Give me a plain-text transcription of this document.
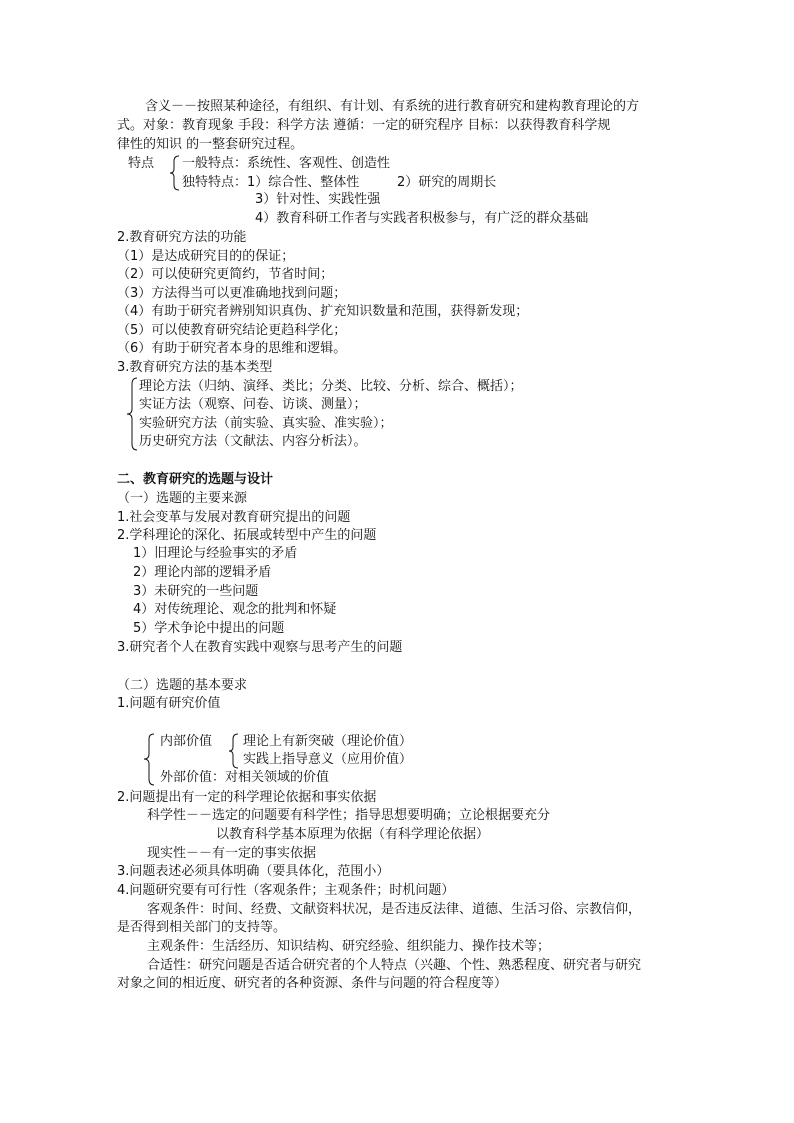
含义－－按照某种途径，有组织、有计划、有系统的进行教育研究和建构教育理论的方
式。对象：教育现象 手段：科学方法 遵循：一定的研究程序 目标：以获得教育科学规
律性的知识 的一整套研究过程。
特点 一般特点：系统性、客观性、创造性
独特特点：1）综合性、整体性	2）研究的周期长
3）针对性、实践性强
4）教育科研工作者与实践者积极参与，有广泛的群众基础
2.教育研究方法的功能
（1）是达成研究目的的保证；
（2）可以使研究更简约，节省时间；
（3）方法得当可以更准确地找到问题；
（4）有助于研究者辨别知识真伪、扩充知识数量和范围，获得新发现；
（5）可以使教育研究结论更趋科学化；
（6）有助于研究者本身的思维和逻辑。
3.教育研究方法的基本类型
理论方法（归纳、演绎、类比；分类、比较、分析、综合、概括）；
实证方法（观察、问卷、访谈、测量）；
实验研究方法（前实验、真实验、准实验）；
历史研究方法（文献法、内容分析法）。
二、教育研究的选题与设计
（一）选题的主要来源
1.社会变革与发展对教育研究提出的问题
2.学科理论的深化、拓展或转型中产生的问题
1）旧理论与经验事实的矛盾
2）理论内部的逻辑矛盾
3）未研究的一些问题
4）对传统理论、观念的批判和怀疑
5）学术争论中提出的问题
3.研究者个人在教育实践中观察与思考产生的问题
（二）选题的基本要求
1.问题有研究价值
内部价值 理论上有新突破（理论价值）
实践上指导意义（应用价值）
外部价值：对相关领域的价值
2.问题提出有一定的科学理论依据和事实依据
科学性－－选定的问题要有科学性；指导思想要明确；立论根据要充分
以教育科学基本原理为依据（有科学理论依据）
现实性－－有一定的事实依据
3.问题表述必须具体明确（要具体化，范围小）
4.问题研究要有可行性（客观条件；主观条件；时机问题）
客观条件：时间、经费、文献资料状况，是否违反法律、道德、生活习俗、宗教信仰，
是否得到相关部门的支持等。
主观条件：生活经历、知识结构、研究经验、组织能力、操作技术等；
合适性：研究问题是否适合研究者的个人特点（兴趣、个性、熟悉程度、研究者与研究
对象之间的相近度、研究者的各种资源、条件与问题的符合程度等）
